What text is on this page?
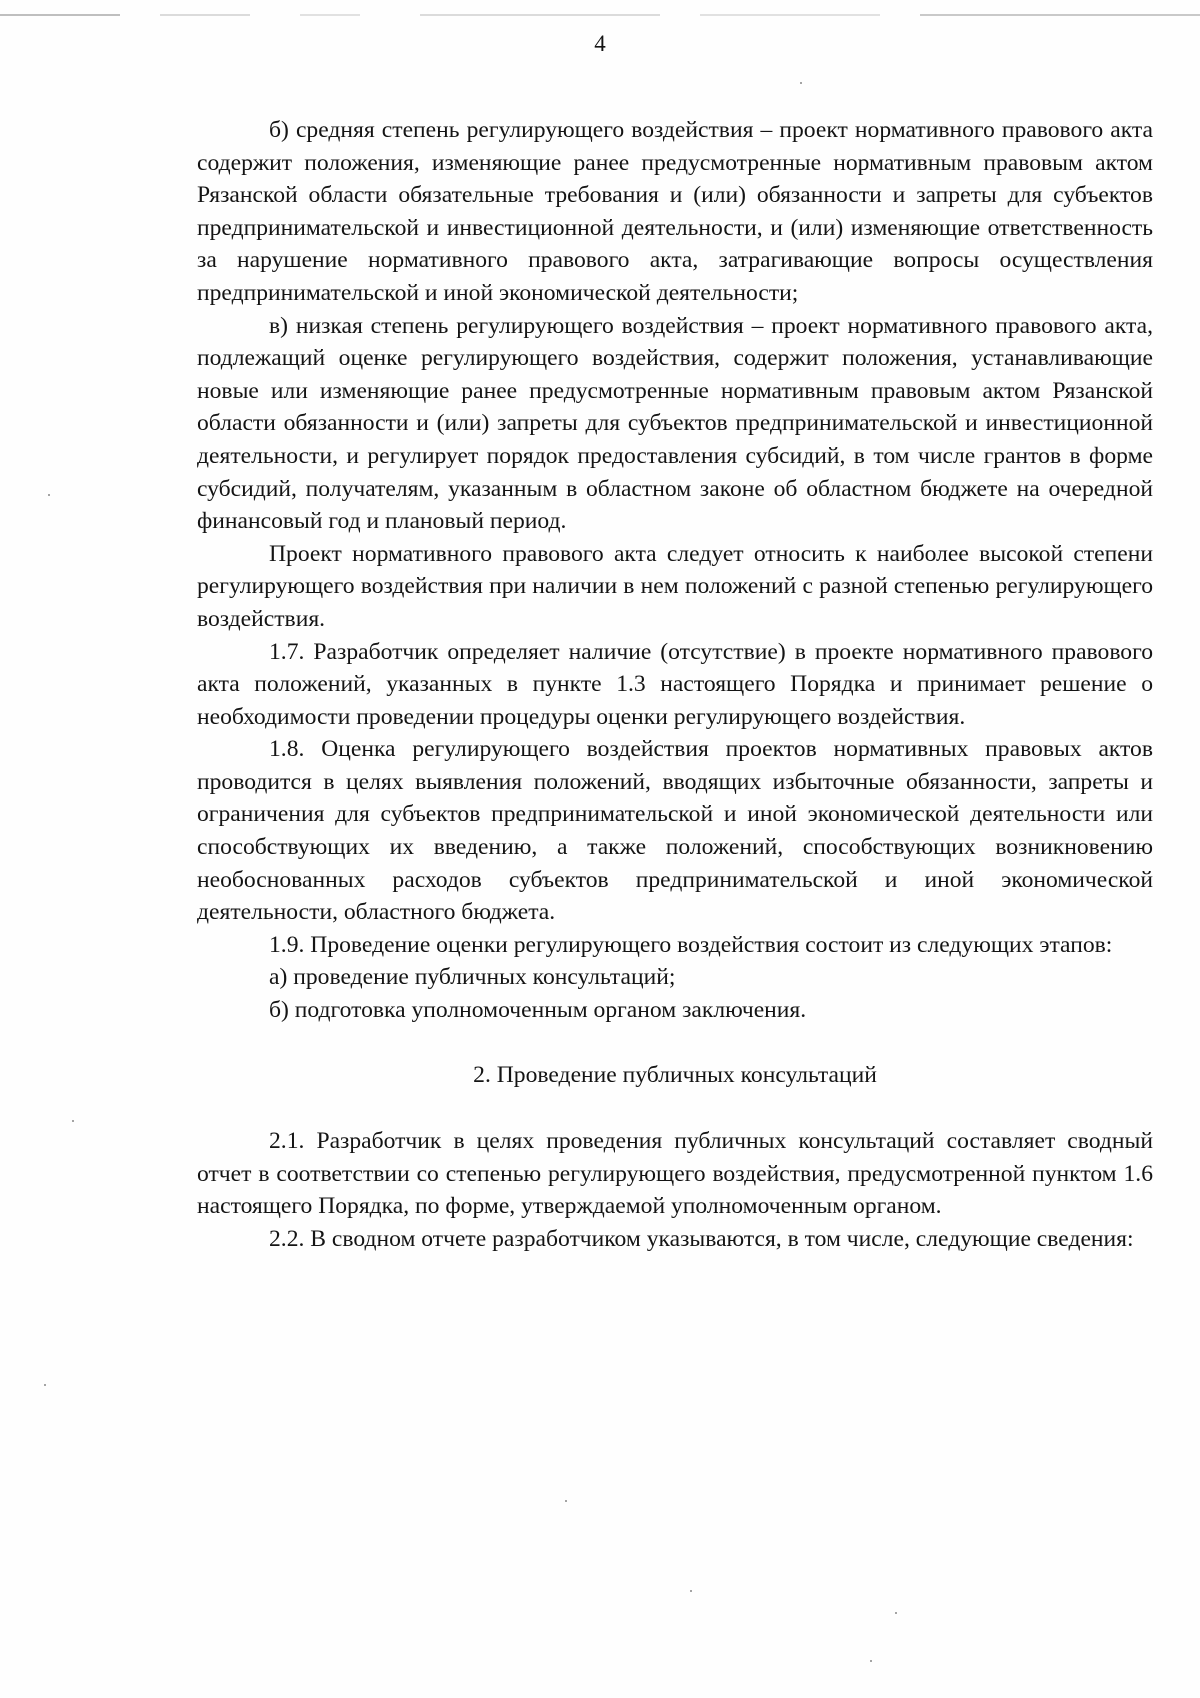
4

б) средняя степень регулирующего воздействия – проект нормативного правового акта содержит положения, изменяющие ранее предусмотренные нормативным правовым актом Рязанской области обязательные требования и (или) обязанности и запреты для субъектов предпринимательской и инвестиционной деятельности, и (или) изменяющие ответственность за нарушение нормативного правового акта, затрагивающие вопросы осуществления предпринимательской и иной экономической деятельности;

в) низкая степень регулирующего воздействия – проект нормативного правового акта, подлежащий оценке регулирующего воздействия, содержит положения, устанавливающие новые или изменяющие ранее предусмотренные нормативным правовым актом Рязанской области обязанности и (или) запреты для субъектов предпринимательской и инвестиционной деятельности, и регулирует порядок предоставления субсидий, в том числе грантов в форме субсидий, получателям, указанным в областном законе об областном бюджете на очередной финансовый год и плановый период.

Проект нормативного правового акта следует относить к наиболее высокой степени регулирующего воздействия при наличии в нем положений с разной степенью регулирующего воздействия.

1.7. Разработчик определяет наличие (отсутствие) в проекте нормативного правового акта положений, указанных в пункте 1.3 настоящего Порядка и принимает решение о необходимости проведении процедуры оценки регулирующего воздействия.

1.8. Оценка регулирующего воздействия проектов нормативных правовых актов проводится в целях выявления положений, вводящих избыточные обязанности, запреты и ограничения для субъектов предпринимательской и иной экономической деятельности или способствующих их введению, а также положений, способствующих возникновению необоснованных расходов субъектов предпринимательской и иной экономической деятельности, областного бюджета.

1.9. Проведение оценки регулирующего воздействия состоит из следующих этапов:

а) проведение публичных консультаций;

б) подготовка уполномоченным органом заключения.

2. Проведение публичных консультаций

2.1. Разработчик в целях проведения публичных консультаций составляет сводный отчет в соответствии со степенью регулирующего воздействия, предусмотренной пунктом 1.6 настоящего Порядка, по форме, утверждаемой уполномоченным органом.

2.2. В сводном отчете разработчиком указываются, в том числе, следующие сведения:
